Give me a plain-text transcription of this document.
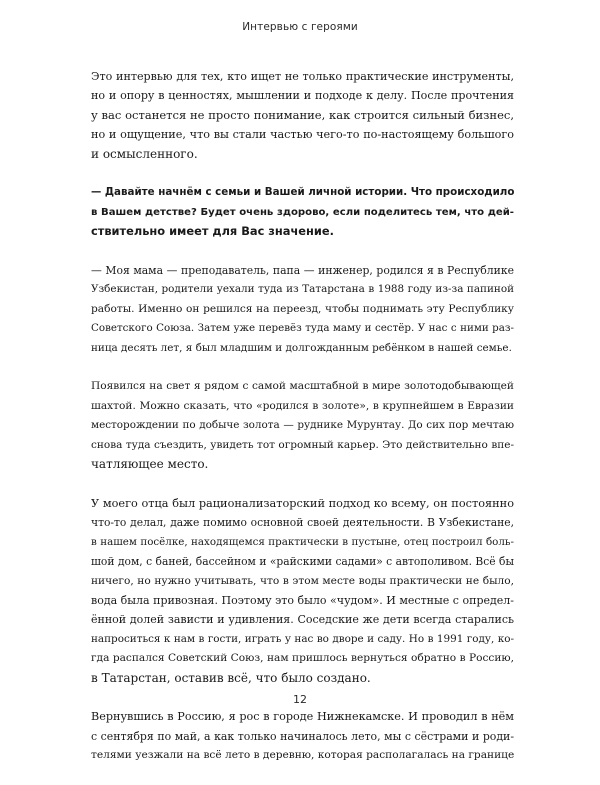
Интервью с героями
Это интервью для тех, кто ищет не только практические инструменты,
но и опору в ценностях, мышлении и подходе к делу. После прочтения
у вас останется не просто понимание, как строится сильный бизнес,
но и ощущение, что вы стали частью чего-то по-настоящему большого
и осмысленного.
— Давайте начнём с семьи и Вашей личной истории. Что происходило
в Вашем детстве? Будет очень здорово, если поделитесь тем, что дей-
ствительно имеет для Вас значение.
— Моя мама — преподаватель, папа — инженер, родился я в Республике
Узбекистан, родители уехали туда из Татарстана в 1988 году из-за папиной
работы. Именно он решился на переезд, чтобы поднимать эту Республику
Советского Союза. Затем уже перевёз туда маму и сестёр. У нас с ними раз-
ница десять лет, я был младшим и долгожданным ребёнком в нашей семье.
Появился на свет я рядом с самой масштабной в мире золотодобывающей
шахтой. Можно сказать, что «родился в золоте», в крупнейшем в Евразии
месторождении по добыче золота — руднике Мурунтау. До сих пор мечтаю
снова туда съездить, увидеть тот огромный карьер. Это действительно впе-
чатляющее место.
У моего отца был рационализаторский подход ко всему, он постоянно
что-то делал, даже помимо основной своей деятельности. В Узбекистане,
в нашем посёлке, находящемся практически в пустыне, отец построил боль-
шой дом, с баней, бассейном и «райскими садами» с автополивом. Всё бы
ничего, но нужно учитывать, что в этом месте воды практически не было,
вода была привозная. Поэтому это было «чудом». И местные с определ-
ённой долей зависти и удивления. Соседские же дети всегда старались
напроситься к нам в гости, играть у нас во дворе и саду. Но в 1991 году, ко-
гда распался Советский Союз, нам пришлось вернуться обратно в Россию,
в Татарстан, оставив всё, что было создано.
Вернувшись в Россию, я рос в городе Нижнекамске. И проводил в нём
с сентября по май, а как только начиналось лето, мы с сёстрами и роди-
телями уезжали на всё лето в деревню, которая располагалась на границе
12
